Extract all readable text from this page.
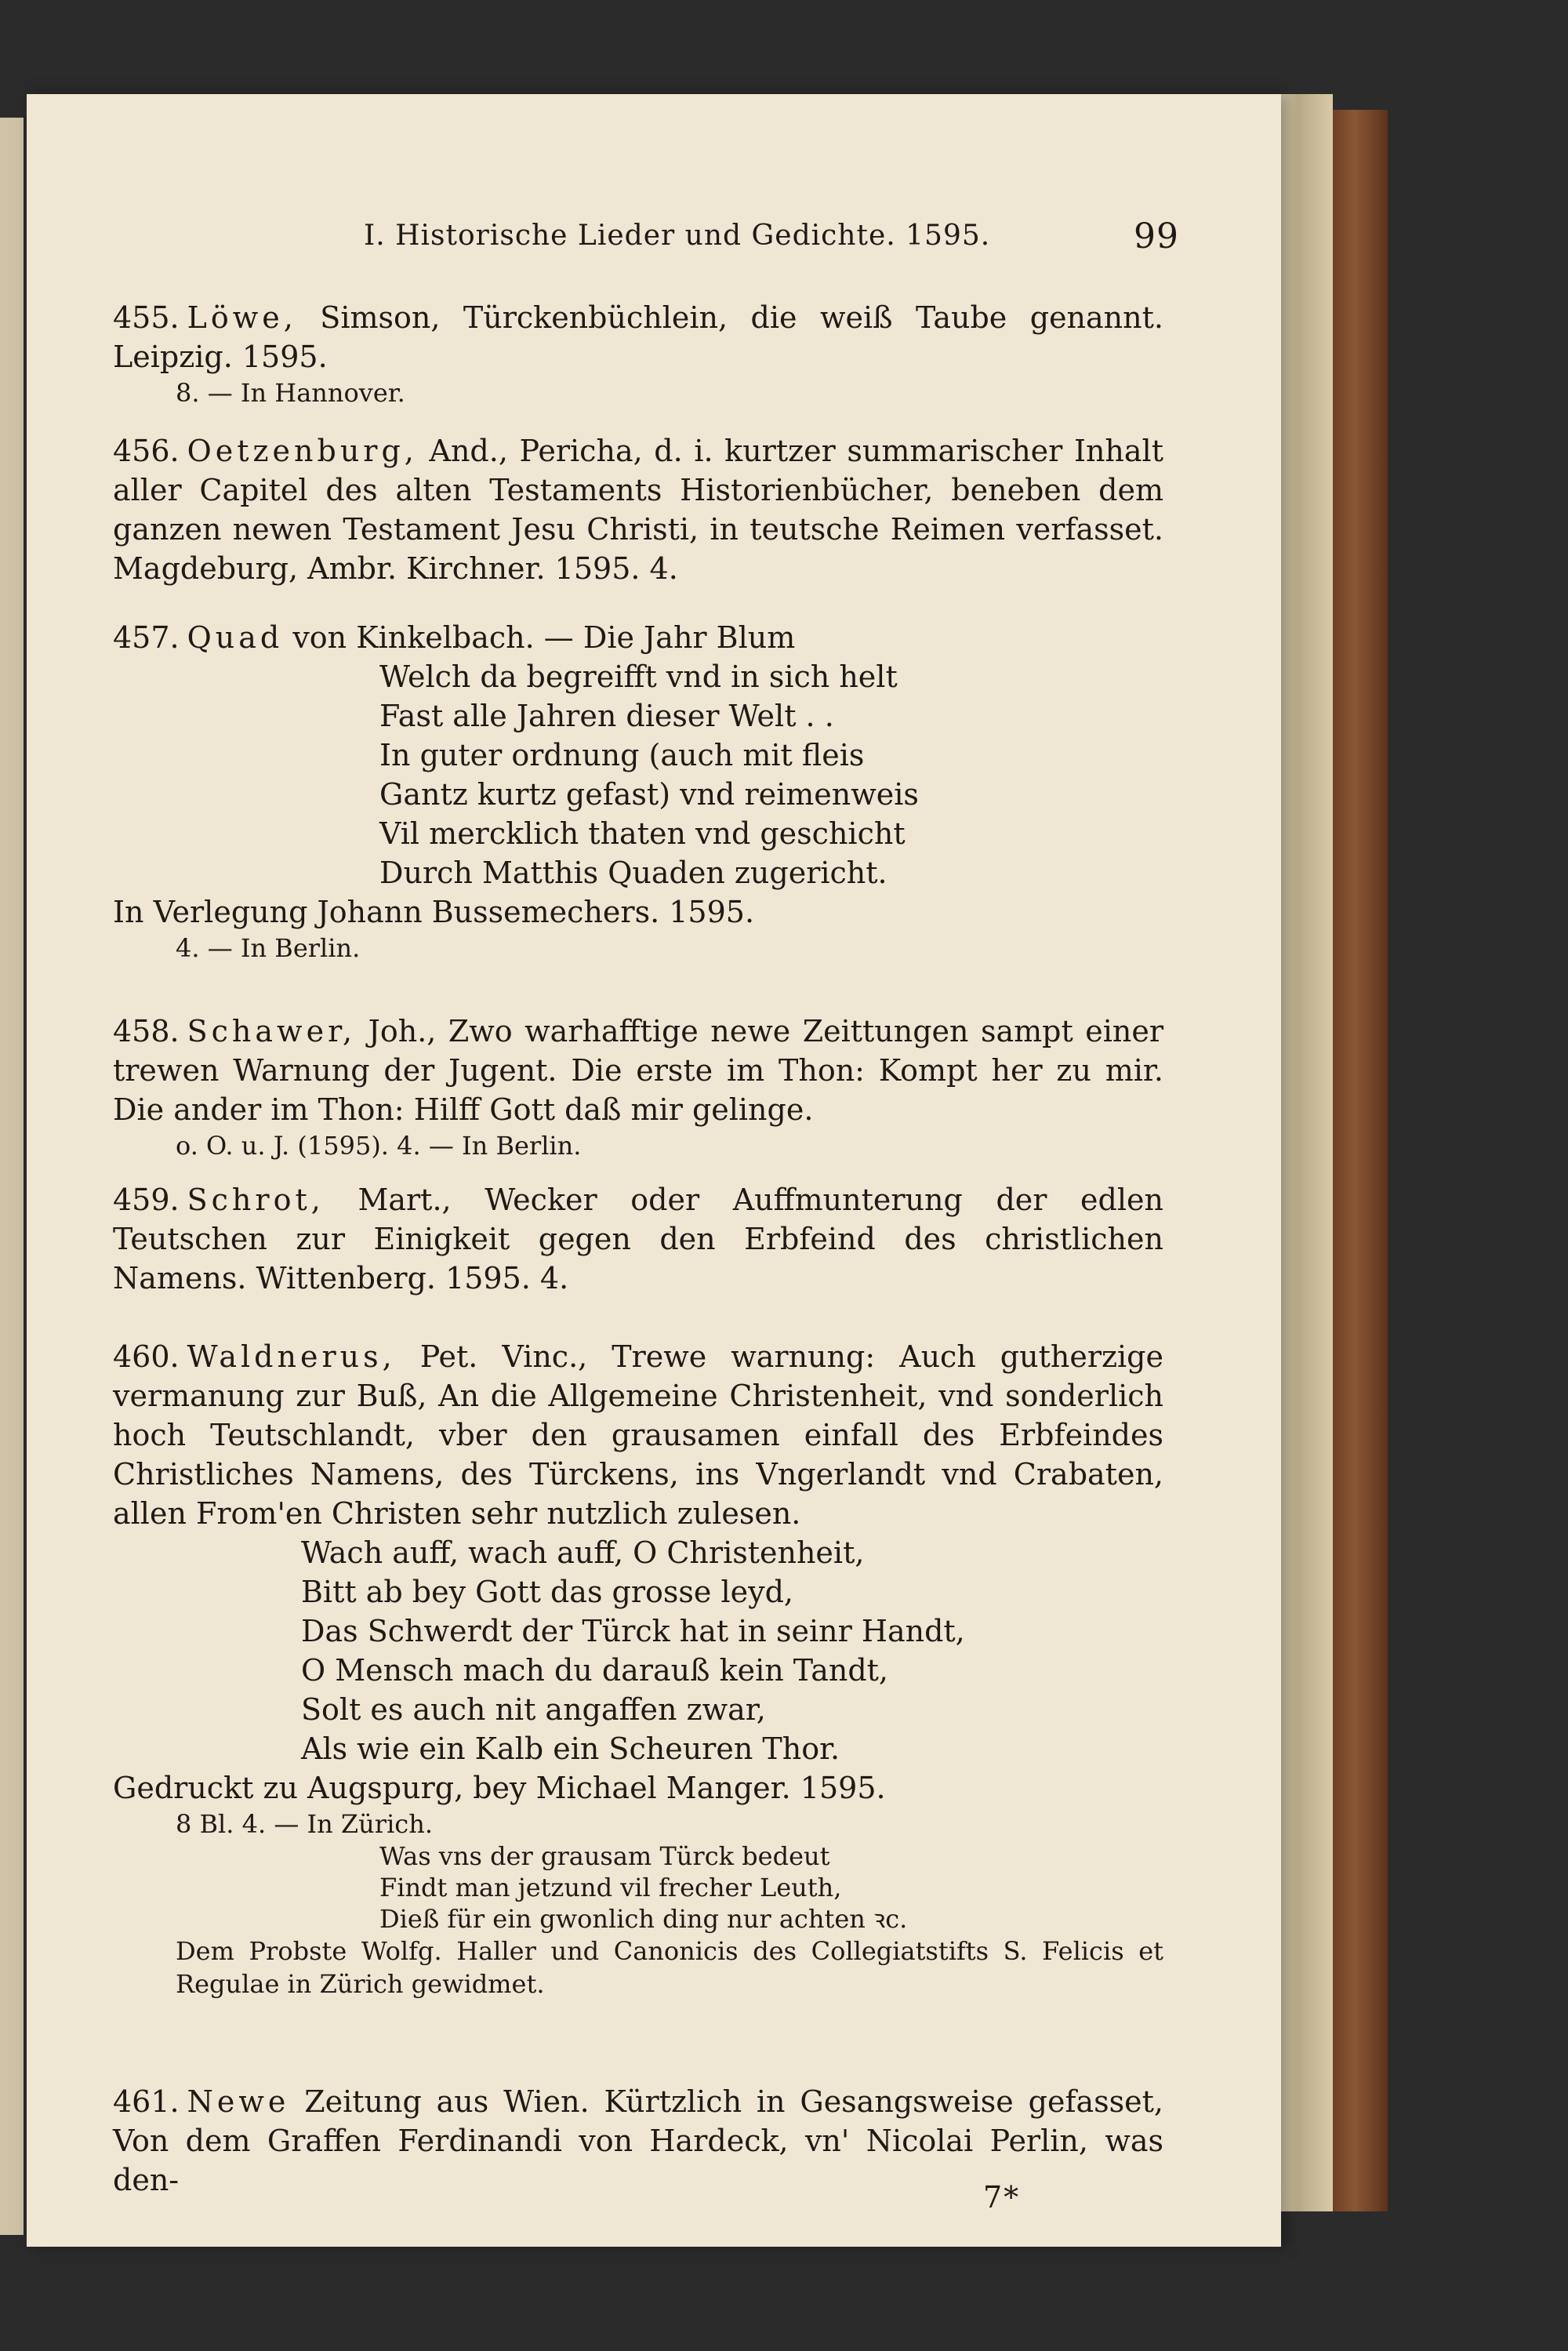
I. Historische Lieder und Gedichte. 1595.	99

455. Löwe, Simson, Türckenbüchlein, die weiß Taube genannt. Leipzig. 1595.

8. — In Hannover.

456. Oetzenburg, And., Pericha, d. i. kurtzer summarischer Inhalt aller Capitel des alten Testaments Historienbücher, beneben dem ganzen newen Testament Jesu Christi, in teutsche Reimen verfasset. Magdeburg, Ambr. Kirchner. 1595. 4.

457. Quad von Kinkelbach. — Die Jahr Blum

Welch da begreifft vnd in sich helt

Fast alle Jahren dieser Welt . .

In guter ordnung (auch mit fleis

Gantz kurtz gefast) vnd reimenweis

Vil mercklich thaten vnd geschicht

Durch Matthis Quaden zugericht.

In Verlegung Johann Bussemechers. 1595.

4. — In Berlin.

458. Schawer, Joh., Zwo warhafftige newe Zeittungen sampt einer trewen Warnung der Jugent. Die erste im Thon: Kompt her zu mir. Die ander im Thon: Hilff Gott daß mir gelinge.

o. O. u. J. (1595). 4. — In Berlin.

459. Schrot, Mart., Wecker oder Auffmunterung der edlen Teutschen zur Einigkeit gegen den Erbfeind des christlichen Namens. Wittenberg. 1595. 4.

460. Waldnerus, Pet. Vinc., Trewe warnung: Auch gutherzige vermanung zur Buß, An die Allgemeine Christenheit, vnd sonderlich hoch Teutschlandt, vber den grausamen einfall des Erbfeindes Christliches Namens, des Türckens, ins Vngerlandt vnd Crabaten, allen From'en Christen sehr nutzlich zulesen.

Wach auff, wach auff, O Christenheit,

Bitt ab bey Gott das grosse leyd,

Das Schwerdt der Türck hat in seinr Handt,

O Mensch mach du darauß kein Tandt,

Solt es auch nit angaffen zwar,

Als wie ein Kalb ein Scheuren Thor.

Gedruckt zu Augspurg, bey Michael Manger. 1595.

8 Bl. 4. — In Zürich.

Was vns der grausam Türck bedeut

Findt man jetzund vil frecher Leuth,

Dieß für ein gwonlich ding nur achten ꝛc.

Dem Probste Wolfg. Haller und Canonicis des Collegiatstifts S. Felicis et Regulae in Zürich gewidmet.

461. Newe Zeitung aus Wien. Kürtzlich in Gesangsweise gefasset, Von dem Graffen Ferdinandi von Hardeck, vn' Nicolai Perlin, was den-	7*
